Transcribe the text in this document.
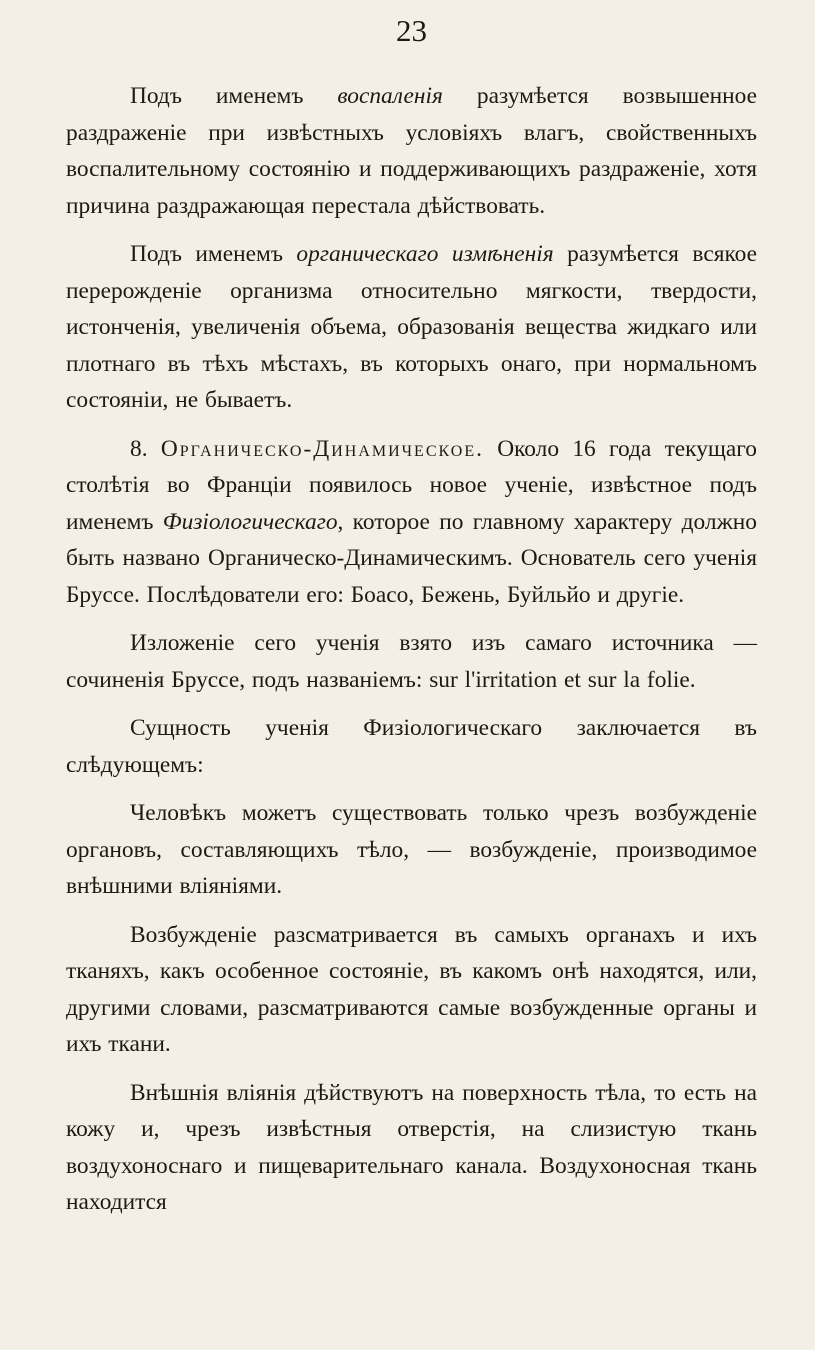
23

Подъ именемъ воспаленія разумѣется возвышенное раздраженіе при извѣстныхъ условіяхъ влагъ, свойственныхъ воспалительному состоянію и поддерживающихъ раздраженіе, хотя причина раздражающая перестала дѣйствовать.

Подъ именемъ органическаго измѣненія разумѣется всякое перерожденіе организма относительно мягкости, твердости, истонченія, увеличенія объема, образованія вещества жидкаго или плотнаго въ тѣхъ мѣстахъ, въ которыхъ онаго, при нормальномъ состояніи, не бываетъ.

8. Органическо-Динамическое. Около 16 года текущаго столѣтія во Франціи появилось новое ученіе, извѣстное подъ именемъ Физіологическаго, которое по главному характеру должно быть названо Органическо-Динамическимъ. Основатель сего ученія Бруссе. Послѣдователи его: Боасо, Бежень, Буйльйо и другіе.

Изложеніе сего ученія взято изъ самаго источника — сочиненія Бруссе, подъ названіемъ: sur l'irritation et sur la folie.

Сущность ученія Физіологическаго заключается въ слѣдующемъ:

Человѣкъ можетъ существовать только чрезъ возбужденіе органовъ, составляющихъ тѣло, — возбужденіе, производимое внѣшними вліяніями.

Возбужденіе разсматривается въ самыхъ органахъ и ихъ тканяхъ, какъ особенное состояніе, въ какомъ онѣ находятся, или, другими словами, разсматриваются самые возбужденные органы и ихъ ткани.

Внѣшнія вліянія дѣйствуютъ на поверхность тѣла, то есть на кожу и, чрезъ извѣстныя отверстія, на слизистую ткань воздухоноснаго и пищеварительнаго канала. Воздухоносная ткань находится
